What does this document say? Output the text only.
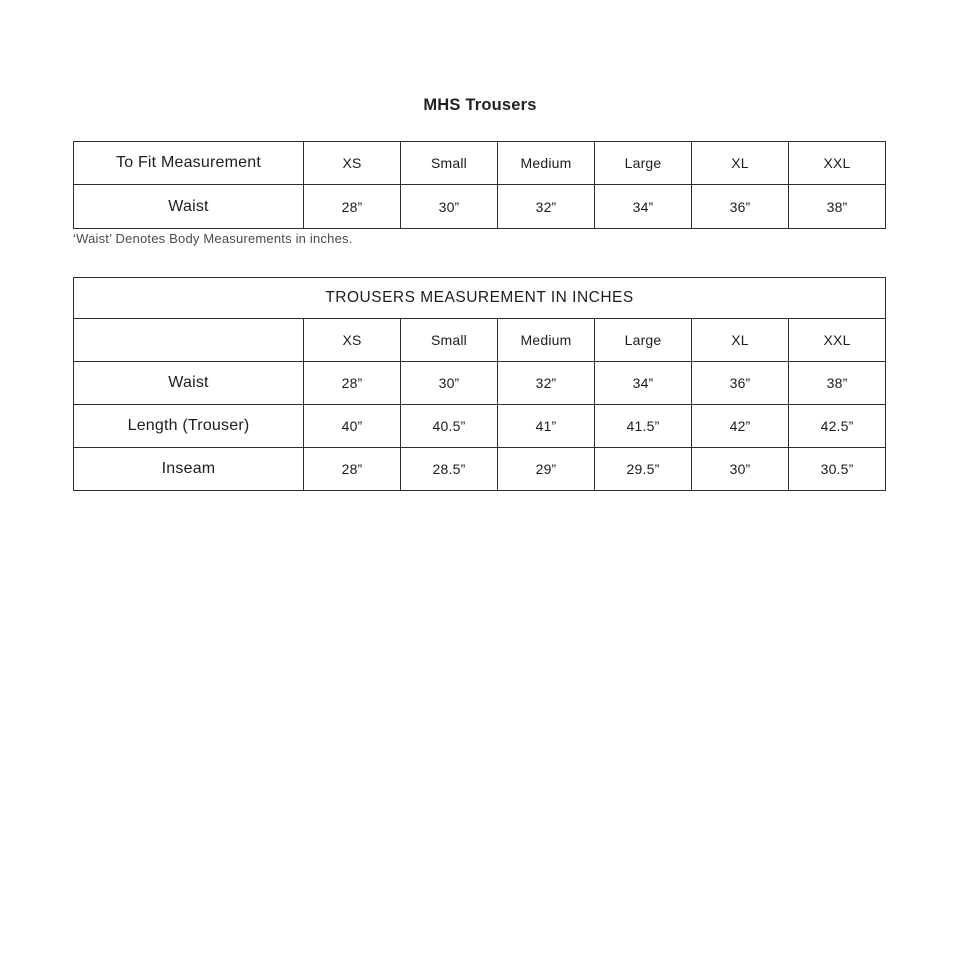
MHS Trousers
To Fit Measurement	XS	Small	Medium	Large	XL	XXL
Waist	28”	30”	32”	34”	36”	38”
‘Waist’ Denotes Body Measurements in inches.
TROUSERS MEASUREMENT IN INCHES						
	XS	Small	Medium	Large	XL	XXL
Waist	28”	30”	32”	34”	36”	38”
Length (Trouser)	40”	40.5”	41”	41.5”	42”	42.5”
Inseam	28”	28.5”	29”	29.5”	30”	30.5”
